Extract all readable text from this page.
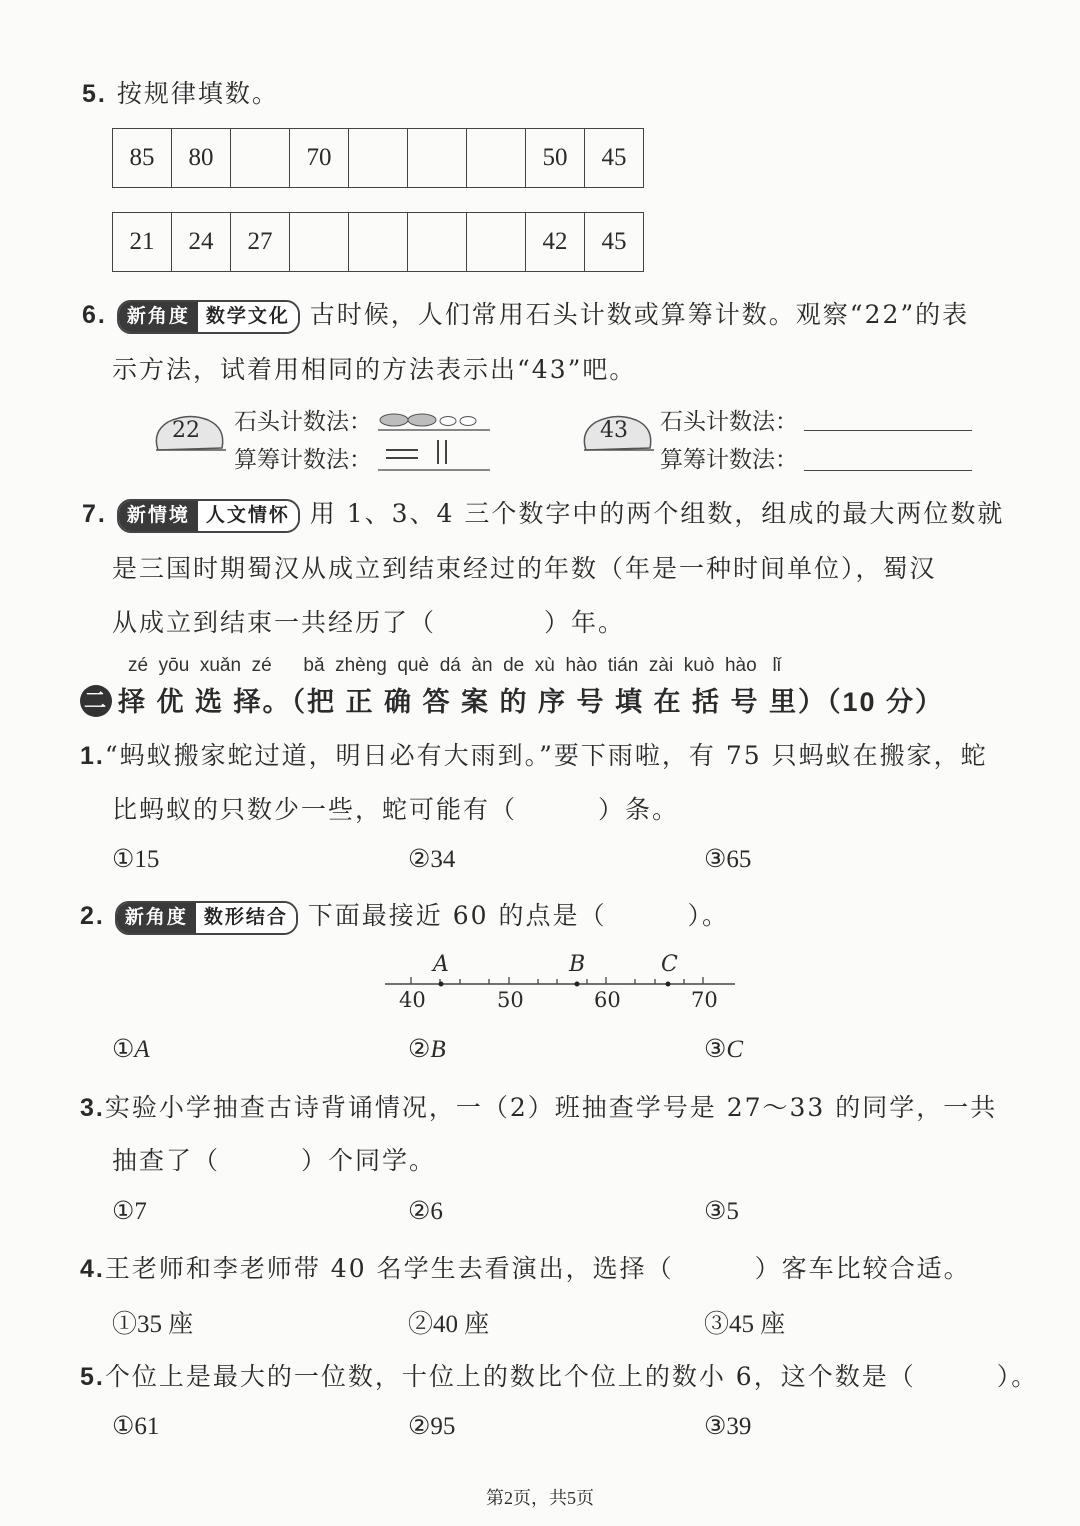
5. 按规律填数。
85	80		70				50	45
21	24	27					42	45
6.	新角度 数学文化 古时候，人们常用石头计数或算筹计数。观察“22”的表
示方法，试着用相同的方法表示出“43”吧。
22 石头计数法：
算筹计数法：
43 石头计数法：
算筹计数法：
7.	新情境 人文情怀 用 1、3、4 三个数字中的两个组数，组成的最大两位数就
是三国时期蜀汉从成立到结束经过的年数（年是一种时间单位），蜀汉
从成立到结束一共经历了（　　　　）年。
zé yōu xuǎn zé bǎ zhèng què dá àn de xù hào tián zài kuò hào lǐ
二 择 优 选 择。（把 正 确 答 案 的 序 号 填 在 括 号 里）（10 分）
1.“蚂蚁搬家蛇过道，明日必有大雨到。”要下雨啦，有 75 只蚂蚁在搬家，蛇
比蚂蚁的只数少一些，蛇可能有（　　　）条。
①15	②34	③65
2.	新角度 数形结合 下面最接近 60 的点是（　　　）。
A	B	C
40	50	60	70
①A	②B	③C
3.实验小学抽查古诗背诵情况，一（2）班抽查学号是 27～33 的同学，一共
抽查了（　　　）个同学。
①7	②6	③5
4.王老师和李老师带 40 名学生去看演出，选择（　　　）客车比较合适。
①35 座	②40 座	③45 座
5.个位上是最大的一位数，十位上的数比个位上的数小 6，这个数是（　　　）。
①61	②95	③39
第2页，共5页
